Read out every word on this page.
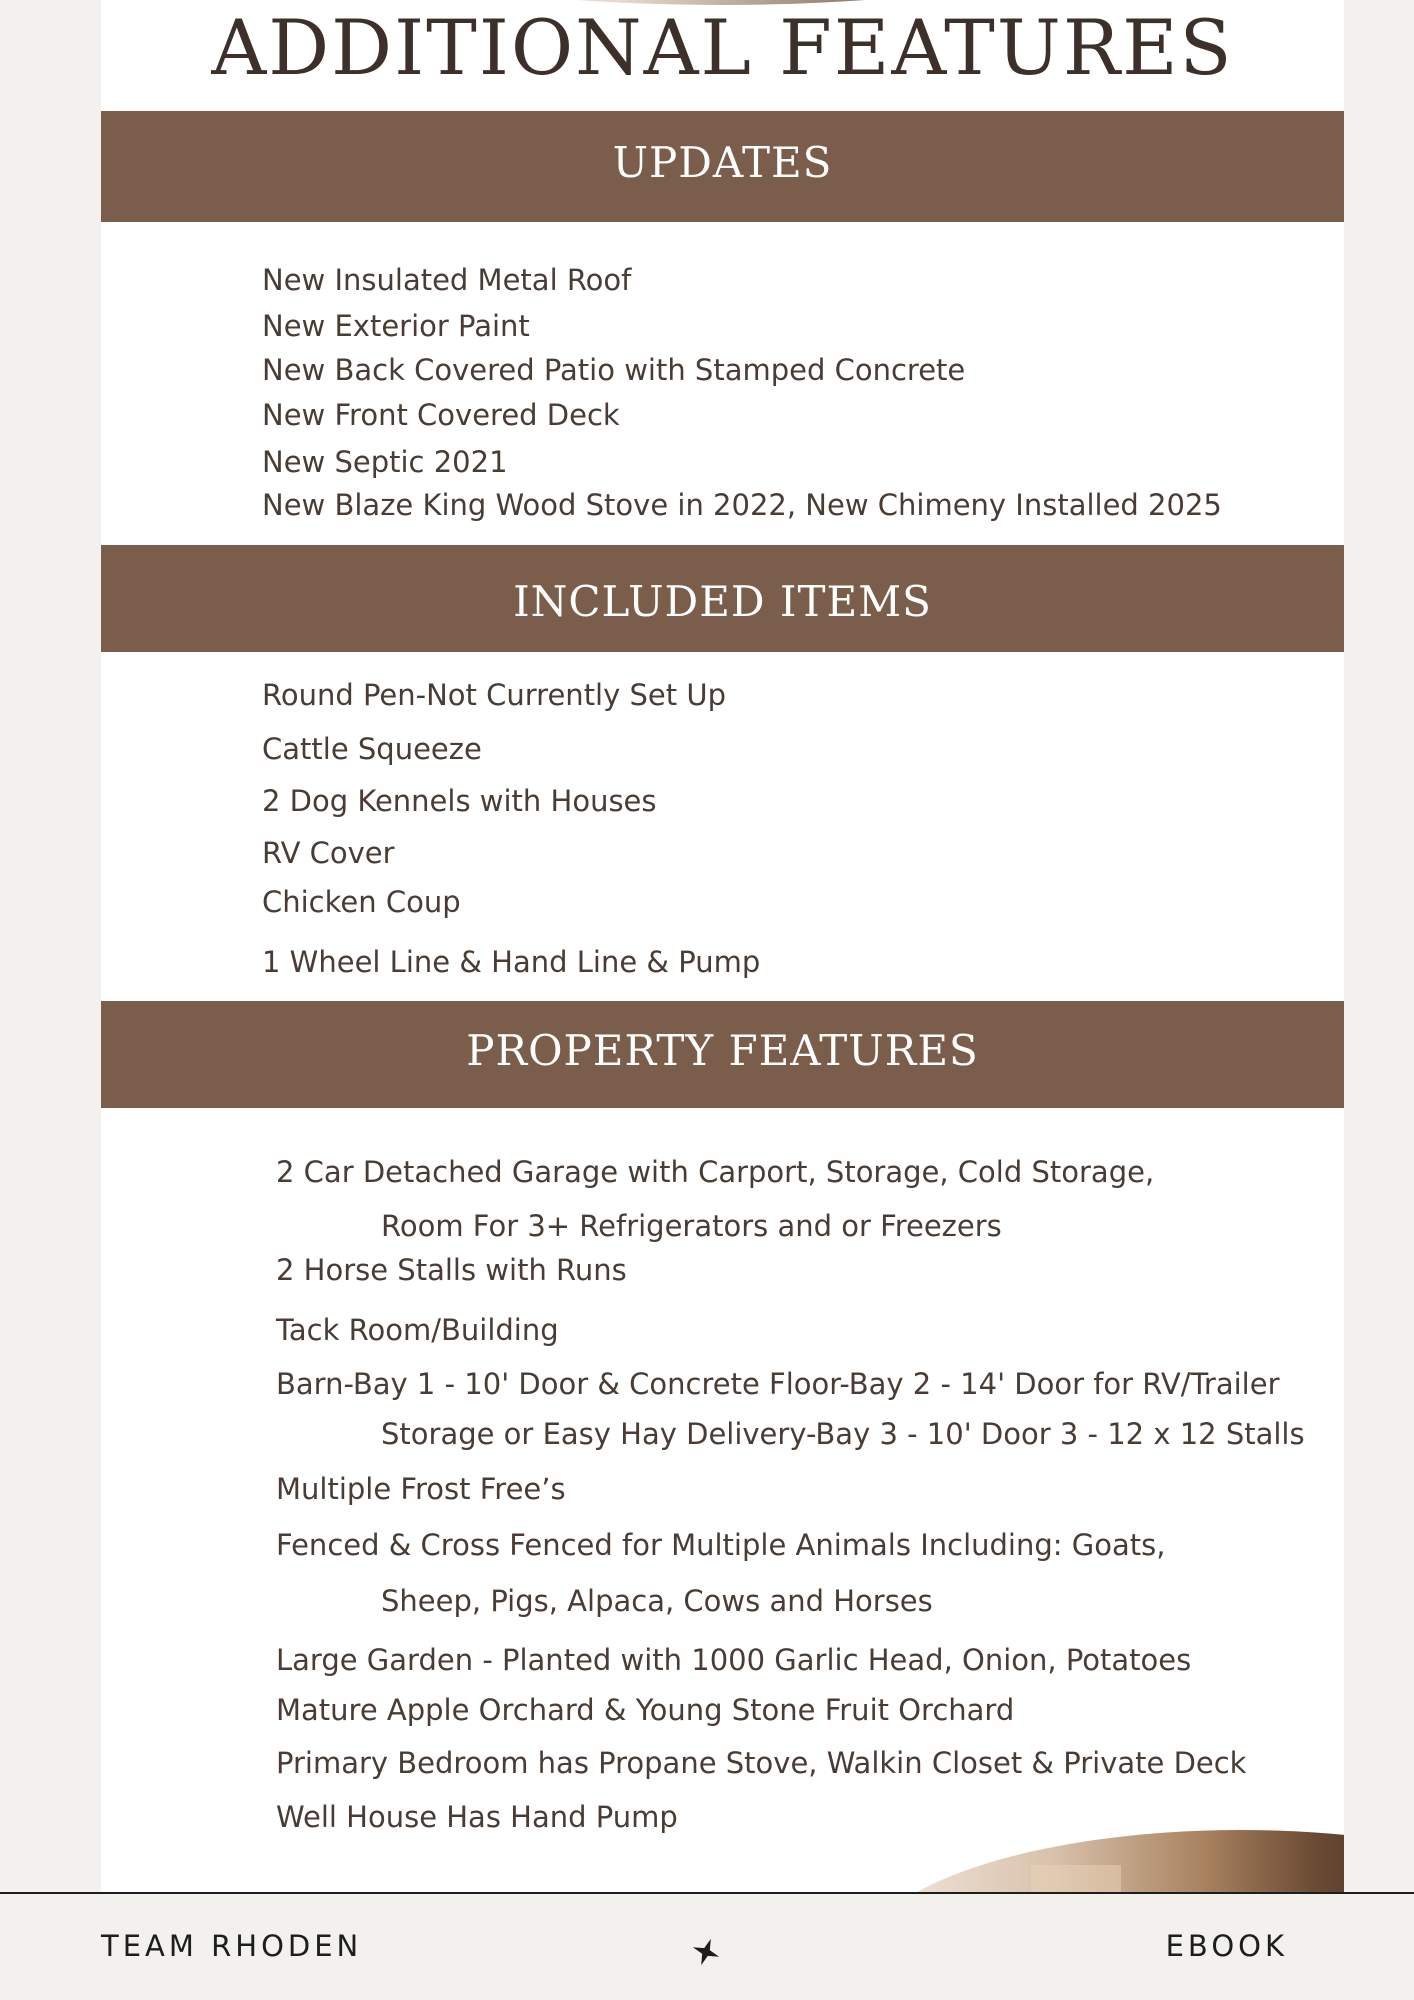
ADDITIONAL FEATURES
UPDATES

New Insulated Metal Roof

New Exterior Paint

New Back Covered Patio with Stamped Concrete

New Front Covered Deck

New Septic 2021

New Blaze King Wood Stove in 2022, New Chimeny Installed 2025

INCLUDED ITEMS

Round Pen-Not Currently Set Up

Cattle Squeeze

2 Dog Kennels with Houses

RV Cover

Chicken Coup

1 Wheel Line & Hand Line & Pump

PROPERTY FEATURES

2 Car Detached Garage with Carport, Storage, Cold Storage,

Room For 3+ Refrigerators and or Freezers

2 Horse Stalls with Runs

Tack Room/Building

Barn-Bay 1 - 10' Door & Concrete Floor-Bay 2 - 14' Door for RV/Trailer

Storage or Easy Hay Delivery-Bay 3 - 10' Door 3 - 12 x 12 Stalls

Multiple Frost Free’s

Fenced & Cross Fenced for Multiple Animals Including: Goats,

Sheep, Pigs, Alpaca, Cows and Horses

Large Garden - Planted with 1000 Garlic Head, Onion, Potatoes

Mature Apple Orchard & Young Stone Fruit Orchard

Primary Bedroom has Propane Stove, Walkin Closet & Private Deck

Well House Has Hand Pump

TEAM RHODEN	EBOOK
